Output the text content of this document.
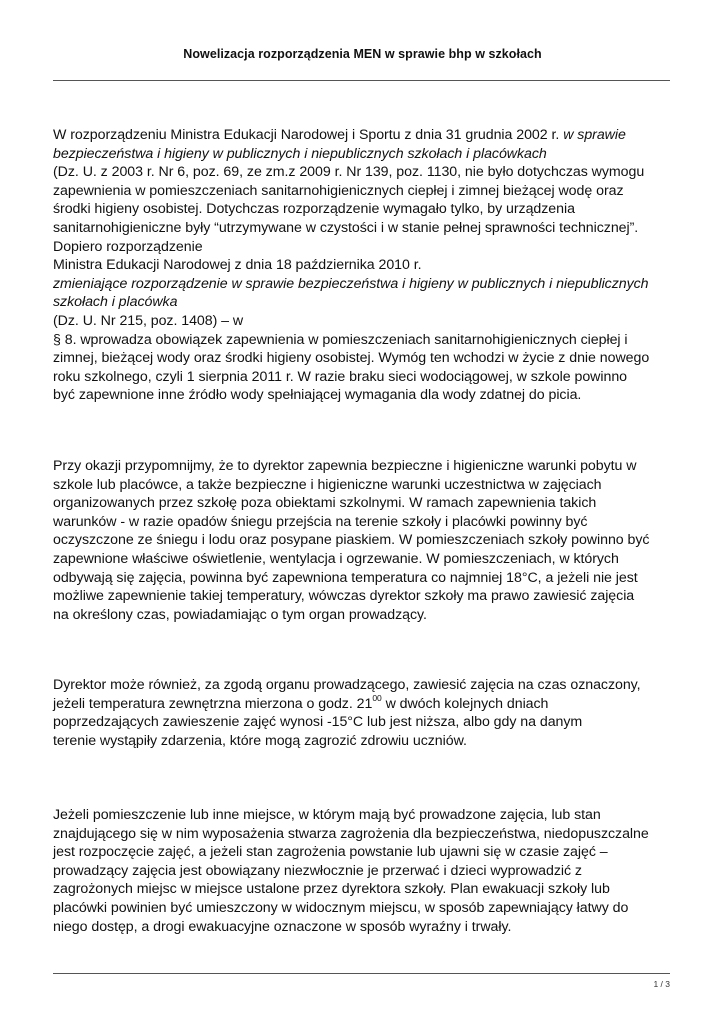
Nowelizacja rozporządzenia MEN w sprawie bhp w szkołach
W rozporządzeniu Ministra Edukacji Narodowej i Sportu z dnia 31 grudnia 2002 r. w sprawie
bezpieczeństwa i higieny w publicznych i niepublicznych szkołach i placówkach
(Dz. U. z 2003 r. Nr 6, poz. 69, ze zm.z 2009 r. Nr 139, poz. 1130, nie było dotychczas wymogu
zapewnienia w pomieszczeniach sanitarnohigienicznych ciepłej i zimnej bieżącej wodę oraz
środki higieny osobistej. Dotychczas rozporządzenie wymagało tylko, by urządzenia
sanitarnohigieniczne były “utrzymywane w czystości i w stanie pełnej sprawności technicznej”.
Dopiero rozporządzenie
Ministra Edukacji Narodowej z dnia 18 października 2010 r.
zmieniające rozporządzenie w sprawie bezpieczeństwa i higieny w publicznych i niepublicznych
szkołach i placówka
(Dz. U. Nr 215, poz. 1408) – w
§ 8. wprowadza obowiązek zapewnienia w pomieszczeniach sanitarnohigienicznych ciepłej i
zimnej, bieżącej wody oraz środki higieny osobistej. Wymóg ten wchodzi w życie z dnie nowego
roku szkolnego, czyli 1 sierpnia 2011 r. W razie braku sieci wodociągowej, w szkole powinno
być zapewnione inne źródło wody spełniającej wymagania dla wody zdatnej do picia.
Przy okazji przypomnijmy, że to dyrektor zapewnia bezpieczne i higieniczne warunki pobytu w
szkole lub placówce, a także bezpieczne i higieniczne warunki uczestnictwa w zajęciach
organizowanych przez szkołę poza obiektami szkolnymi. W ramach zapewnienia takich
warunków - w razie opadów śniegu przejścia na terenie szkoły i placówki powinny być
oczyszczone ze śniegu i lodu oraz posypane piaskiem. W pomieszczeniach szkoły powinno być
zapewnione właściwe oświetlenie, wentylacja i ogrzewanie. W pomieszczeniach, w których
odbywają się zajęcia, powinna być zapewniona temperatura co najmniej 18°C, a jeżeli nie jest
możliwe zapewnienie takiej temperatury, wówczas dyrektor szkoły ma prawo zawiesić zajęcia
na określony czas, powiadamiając o tym organ prowadzący.
Dyrektor może również, za zgodą organu prowadzącego, zawiesić zajęcia na czas oznaczony,
jeżeli temperatura zewnętrzna mierzona o godz. $21^{00}$ w dwóch kolejnych dniach
poprzedzających zawieszenie zajęć wynosi -15°C lub jest niższa, albo gdy na danym
terenie wystąpiły zdarzenia, które mogą zagrozić zdrowiu uczniów.
Jeżeli pomieszczenie lub inne miejsce, w którym mają być prowadzone zajęcia, lub stan
znajdującego się w nim wyposażenia stwarza zagrożenia dla bezpieczeństwa, niedopuszczalne
jest rozpoczęcie zajęć, a jeżeli stan zagrożenia powstanie lub ujawni się w czasie zajęć –
prowadzący zajęcia jest obowiązany niezwłocznie je przerwać i dzieci wyprowadzić z
zagrożonych miejsc w miejsce ustalone przez dyrektora szkoły. Plan ewakuacji szkoły lub
placówki powinien być umieszczony w widocznym miejscu, w sposób zapewniający łatwy do
niego dostęp, a drogi ewakuacyjne oznaczone w sposób wyraźny i trwały.
1 / 3
